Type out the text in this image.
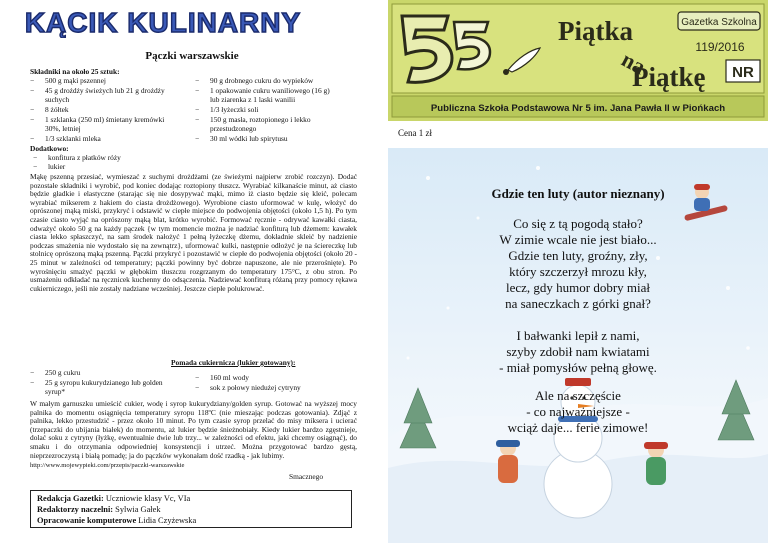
KĄCIK KULINARNY
Pączki warszawskie
Składniki na około 25 sztuk:
− 500 g mąki pszennej
− 45 g drożdży świeżych lub 21 g drożdży
suchych
− 8 żółtek
− 1 szklanka (250 ml) śmietany kremówki
30%, letniej
− 1/3 szklanki mleka
− 90 g drobnego cukru do wypieków
− 1 opakowanie cukru waniliowego (16 g)
lub ziarenka z 1 laski wanilii
− 1/3 łyżeczki soli
− 150 g masła, roztopionego i lekko
przestudzonego
− 30 ml wódki lub spirytusu
Dodatkowo:
− konfitura z płatków róży
− lukier
Mąkę pszenną przesiać, wymieszać z suchymi drożdżami (ze świeżymi najpierw zrobić rozczyn). Dodać pozostałe składniki i wyrobić, pod koniec dodając roztopiony tłuszcz. Wyrabiać kilkanaście minut, aż ciasto będzie gładkie i elastyczne (starając się nie dosypywać mąki, mimo iż ciasto będzie się kleić, polecam wyrabiać mikserem z hakiem do ciasta drożdżowego). Wyrobione ciasto uformować w kulę, włożyć do oprószonej mąką miski, przykryć i odstawić w ciepłe miejsce do podwojenia objętości (około 1,5 h). Po tym czasie ciasto wyjąć na oprószony mąką blat, krótko wyrobić. Formować ręcznie - odrywać kawałki ciasta, odważyć około 50 g na każdy pączek {w tym momencie można je nadziać konfiturą lub dżemem: kawałek ciasta lekko spłaszczyć, na sam środek nałożyć 1 pełną łyżeczkę dżemu, dokładnie skleić by nadzienie podczas smażenia nie wydostało się na zewnątrz}, uformować kulki, następnie odłożyć je na ściereczkę lub stolnicę oprószoną mąką pszenną. Pączki przykryć i pozostawić w ciepłe do podwojenia objętości (około 20 - 25 minut w zależności od temperatury; pączki powinny być dobrze napuszone, ale nie przerośnięte). Po wyrośnięciu smażyć pączki w głębokim tłuszczu rozgrzanym do temperatury 175°C, z obu stron. Po usmażeniu odkładać na ręcznicek kuchenny do odsączenia. Nadziewać konfiturą różaną przy pomocy rękawa cukierniczego, jeśli nie zostały nadziane wcześniej. Jeszcze ciepłe polukrować.
Pomada cukiernicza (lukier gotowany):
− 250 g cukru
− 25 g syropu kukurydzianego lub golden
syrup*
− 160 ml wody
− sok z połowy niedużej cytryny
W małym garnuszku umieścić cukier, wodę i syrop kukurydziany/golden syrup. Gotować na wyższej mocy palnika do momentu osiągnięcia temperatury syropu 118ºC (nie mieszając podczas gotowania). Zdjąć z palnika, lekko przestudzić - przez około 10 minut. Po tym czasie syrop przelać do misy miksera i ucierać (trzepaczki do ubijania białek) do momentu, aż lukier będzie śnieżnobiały. Kiedy lukier bardzo zgęstnieje, dolać soku z cytryny (łyżkę, ewentualnie dwie lub trzy... w zależności od efektu, jaki chcemy osiągnąć), do smaku i do otrzymania odpowiedniej konsystencji i utrzeć. Można przygotować bardzo gęstą, nieprzezroczystą i białą pomadę; ja do pączków wykonałam dość rzadką - jak lubimy.
http://www.mojewypieki.com/przepis/paczki-warszawskie
Smacznego
Redakcja Gazetki: Uczniowie klasy Vc, VIa
Redaktorzy naczelni: Sylwia Gałek
Opracowanie komputerowe Lidia Czyżewska
Piątka
na
Piątkę
Gazetka Szkolna
119/2016
NR
Publiczna Szkoła Podstawowa Nr 5 im. Jana Pawła II w Piońkach
Cena 1 zł
Gdzie ten luty (autor nieznany)
Co się z tą pogodą stało?
W zimie wcale nie jest biało...
Gdzie ten luty, groźny, zły,
który szczerzył mrozu kły,
lecz, gdy humor dobry miał
na saneczkach z górki gnał?
I bałwanki lepił z nami,
szyby zdobił nam kwiatami
- miał pomysłów pełną głowę.
Ale na szczęście
- co najważniejsze -
wciąż daje... ferie zimowe!
